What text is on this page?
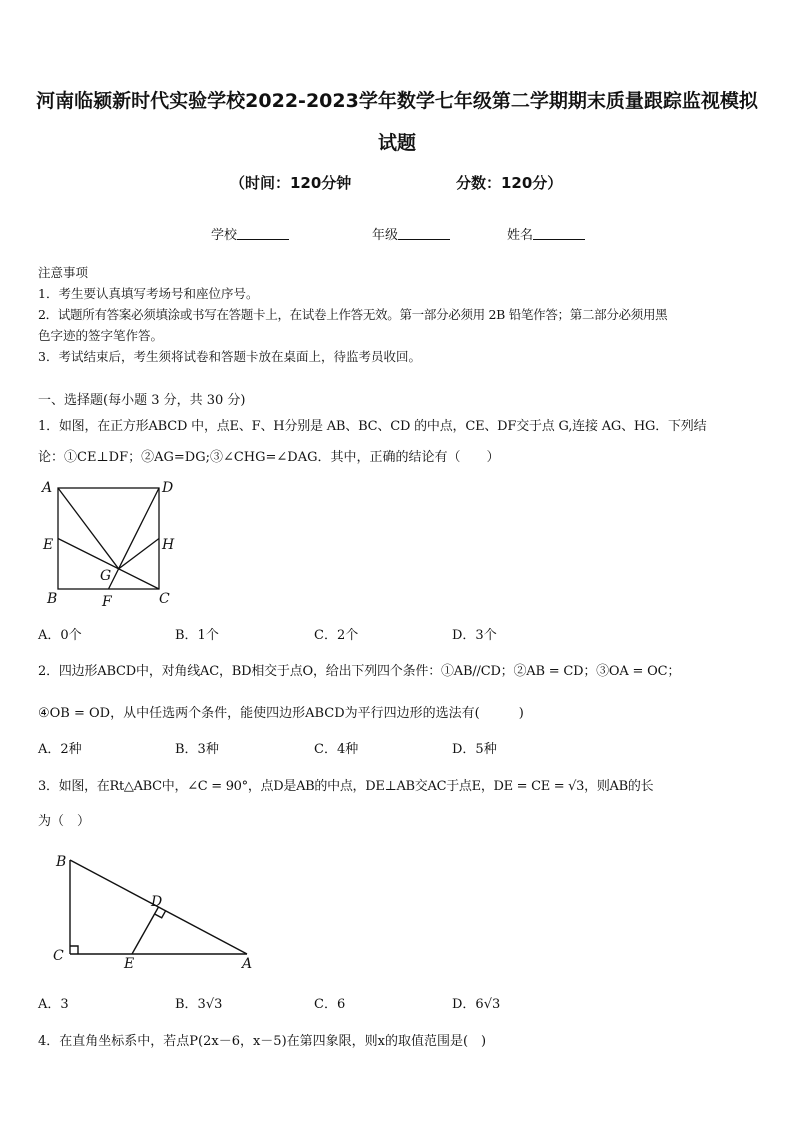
河南临颍新时代实验学校2022-2023学年数学七年级第二学期期末质量跟踪监视模拟
试题
（时间：120分钟	分数：120分）
学校	年级	姓名
注意事项
1．考生要认真填写考场号和座位序号。
2．试题所有答案必须填涂或书写在答题卡上，在试卷上作答无效。第一部分必须用 2B 铅笔作答；第二部分必须用黑
色字迹的签字笔作答。
3．考试结束后，考生须将试卷和答题卡放在桌面上，待监考员收回。
一、选择题(每小题 3 分，共 30 分)
1．如图，在正方形ABCD 中，点E、F、H分别是 AB、BC、CD 的中点，CE、DF交于点 G,连接 AG、HG．下列结
论：①CE⊥DF；②AG=DG;③∠CHG=∠DAG．其中，正确的结论有（　　）
A	D
E	H
G
B	F	C
A．0个	B．1个	C．2个	D．3个
2．四边形ABCD中，对角线AC，BD相交于点O，给出下列四个条件：①AB//CD；②AB = CD；③OA = OC；
④OB = OD，从中任选两个条件，能使四边形ABCD为平行四边形的选法有(　　　)
A．2种	B．3种	C．4种	D．5种
3．如图，在Rt△ABC中，∠C = 90°，点D是AB的中点，DE⊥AB交AC于点E，DE = CE = √3，则AB的长
为（　）
B
D
C	E	A
A．3	B．3√3	C．6	D．6√3
4．在直角坐标系中，若点P(2x－6，x－5)在第四象限，则x的取值范围是(　)
